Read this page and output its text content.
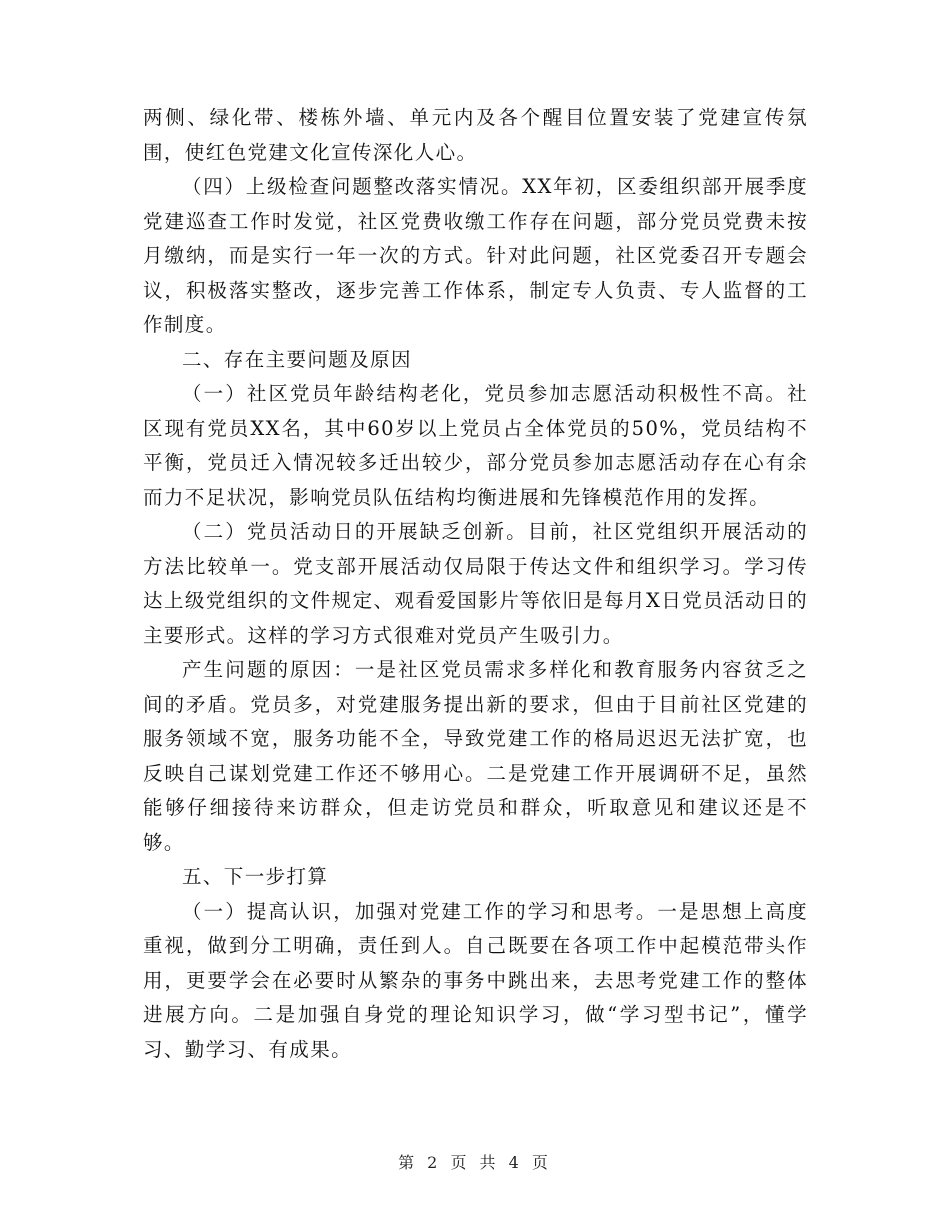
两侧、绿化带、楼栋外墙、单元内及各个醒目位置安装了党建宣传氛围，使红色党建文化宣传深化人心。

（四）上级检查问题整改落实情况。XX年初，区委组织部开展季度党建巡查工作时发觉，社区党费收缴工作存在问题，部分党员党费未按月缴纳，而是实行一年一次的方式。针对此问题，社区党委召开专题会议，积极落实整改，逐步完善工作体系，制定专人负责、专人监督的工作制度。

二、存在主要问题及原因

（一）社区党员年龄结构老化，党员参加志愿活动积极性不高。社区现有党员XX名，其中60岁以上党员占全体党员的50%，党员结构不平衡，党员迁入情况较多迁出较少，部分党员参加志愿活动存在心有余而力不足状况，影响党员队伍结构均衡进展和先锋模范作用的发挥。

（二）党员活动日的开展缺乏创新。目前，社区党组织开展活动的方法比较单一。党支部开展活动仅局限于传达文件和组织学习。学习传达上级党组织的文件规定、观看爱国影片等依旧是每月X日党员活动日的主要形式。这样的学习方式很难对党员产生吸引力。

产生问题的原因：一是社区党员需求多样化和教育服务内容贫乏之间的矛盾。党员多，对党建服务提出新的要求，但由于目前社区党建的服务领域不宽，服务功能不全，导致党建工作的格局迟迟无法扩宽，也反映自己谋划党建工作还不够用心。二是党建工作开展调研不足，虽然能够仔细接待来访群众，但走访党员和群众，听取意见和建议还是不够。

五、下一步打算

（一）提高认识，加强对党建工作的学习和思考。一是思想上高度重视，做到分工明确，责任到人。自己既要在各项工作中起模范带头作用，更要学会在必要时从繁杂的事务中跳出来，去思考党建工作的整体进展方向。二是加强自身党的理论知识学习，做“学习型书记”，懂学习、勤学习、有成果。

第 2 页 共 4 页
